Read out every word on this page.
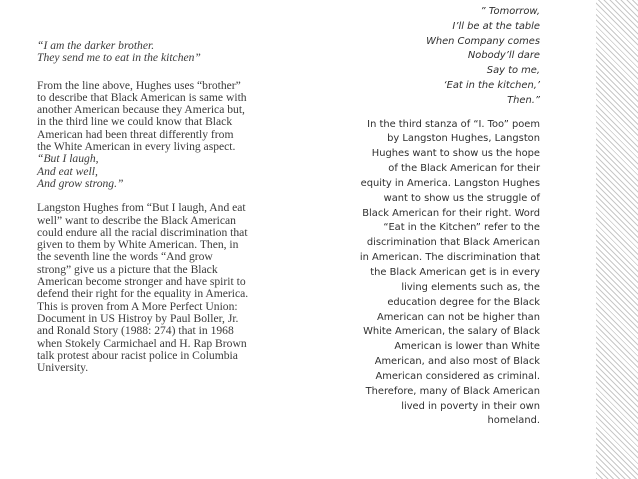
“I am the darker brother.
They send me to eat in the kitchen”
From the line above, Hughes uses “brother”
to describe that Black American is same with
another American because they America but,
in the third line we could know that Black
American had been threat differently from
the White American in every living aspect.
“But I laugh,
And eat well,
And grow strong.”
Langston Hughes from “But I laugh, And eat
well” want to describe the Black American
could endure all the racial discrimination that
given to them by White American. Then, in
the seventh line the words “And grow
strong” give us a picture that the Black
American become stronger and have spirit to
defend their right for the equality in America.
This is proven from A More Perfect Union:
Document in US Histroy by Paul Boller, Jr.
and Ronald Story (1988: 274) that in 1968
when Stokely Carmichael and H. Rap Brown
talk protest abour racist police in Columbia
University.
” Tomorrow,
I’ll be at the table
When Company comes
Nobody’ll dare
Say to me,
‘Eat in the kitchen,’
Then.”
In the third stanza of “I. Too” poem
by Langston Hughes, Langston
Hughes want to show us the hope
of the Black American for their
equity in America. Langston Hughes
want to show us the struggle of
Black American for their right. Word
“Eat in the Kitchen” refer to the
discrimination that Black American
in American. The discrimination that
the Black American get is in every
living elements such as, the
education degree for the Black
American can not be higher than
White American, the salary of Black
American is lower than White
American, and also most of Black
American considered as criminal.
Therefore, many of Black American
lived in poverty in their own
homeland.
